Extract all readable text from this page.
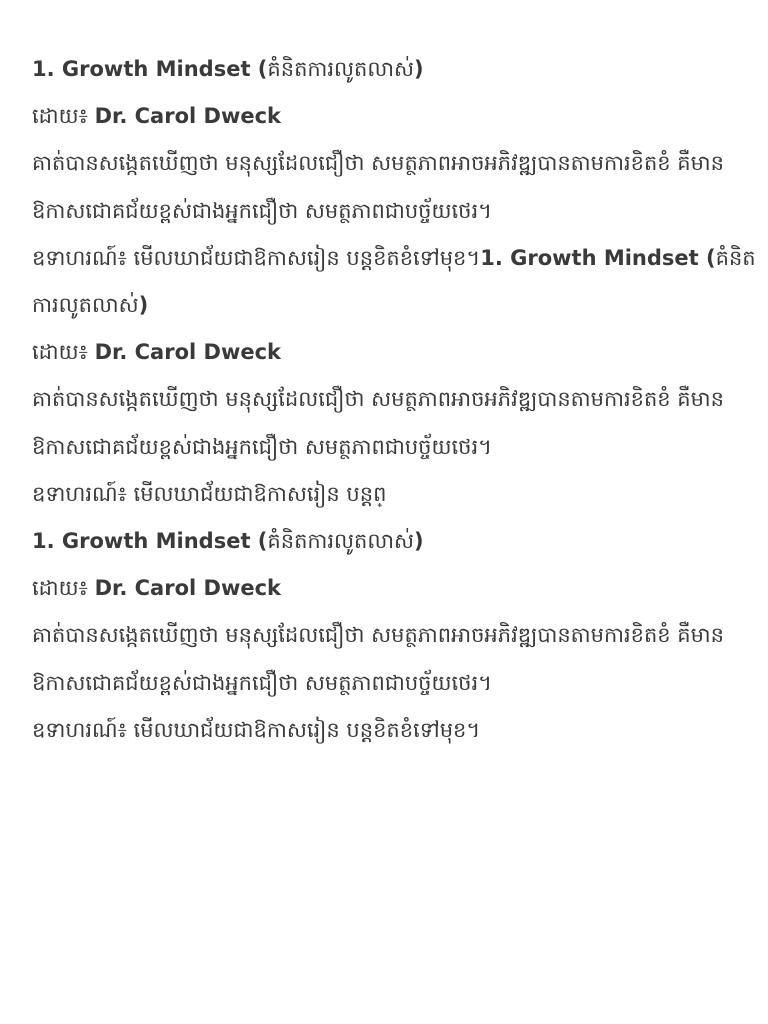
1. Growth Mindset (គំនិតការលូតលាស់)

ដោយ៖ Dr. Carol Dweck

គាត់បានសង្កេតឃើញថា មនុស្សដែលជឿថា សមត្ថភាពអាចអភិវឌ្ឍបានតាមការខិតខំ គឺមាន

ឱកាសជោគជ័យខ្ពស់ជាងអ្នកជឿថា សមត្ថភាពជាបច្ច័យថេរ។

ឧទាហរណ៍៖ មើលឃាជ័យជាឱកាសរៀន បន្តខិតខំទៅមុខ។1. Growth Mindset (គំនិត

ការលូតលាស់)

ដោយ៖ Dr. Carol Dweck

គាត់បានសង្កេតឃើញថា មនុស្សដែលជឿថា សមត្ថភាពអាចអភិវឌ្ឍបានតាមការខិតខំ គឺមាន

ឱកាសជោគជ័យខ្ពស់ជាងអ្នកជឿថា សមត្ថភាពជាបច្ច័យថេរ។

ឧទាហរណ៍៖ មើលឃាជ័យជាឱកាសរៀន បន្តព្

1. Growth Mindset (គំនិតការលូតលាស់)

ដោយ៖ Dr. Carol Dweck

គាត់បានសង្កេតឃើញថា មនុស្សដែលជឿថា សមត្ថភាពអាចអភិវឌ្ឍបានតាមការខិតខំ គឺមាន

ឱកាសជោគជ័យខ្ពស់ជាងអ្នកជឿថា សមត្ថភាពជាបច្ច័យថេរ។

ឧទាហរណ៍៖ មើលឃាជ័យជាឱកាសរៀន បន្តខិតខំទៅមុខ។
